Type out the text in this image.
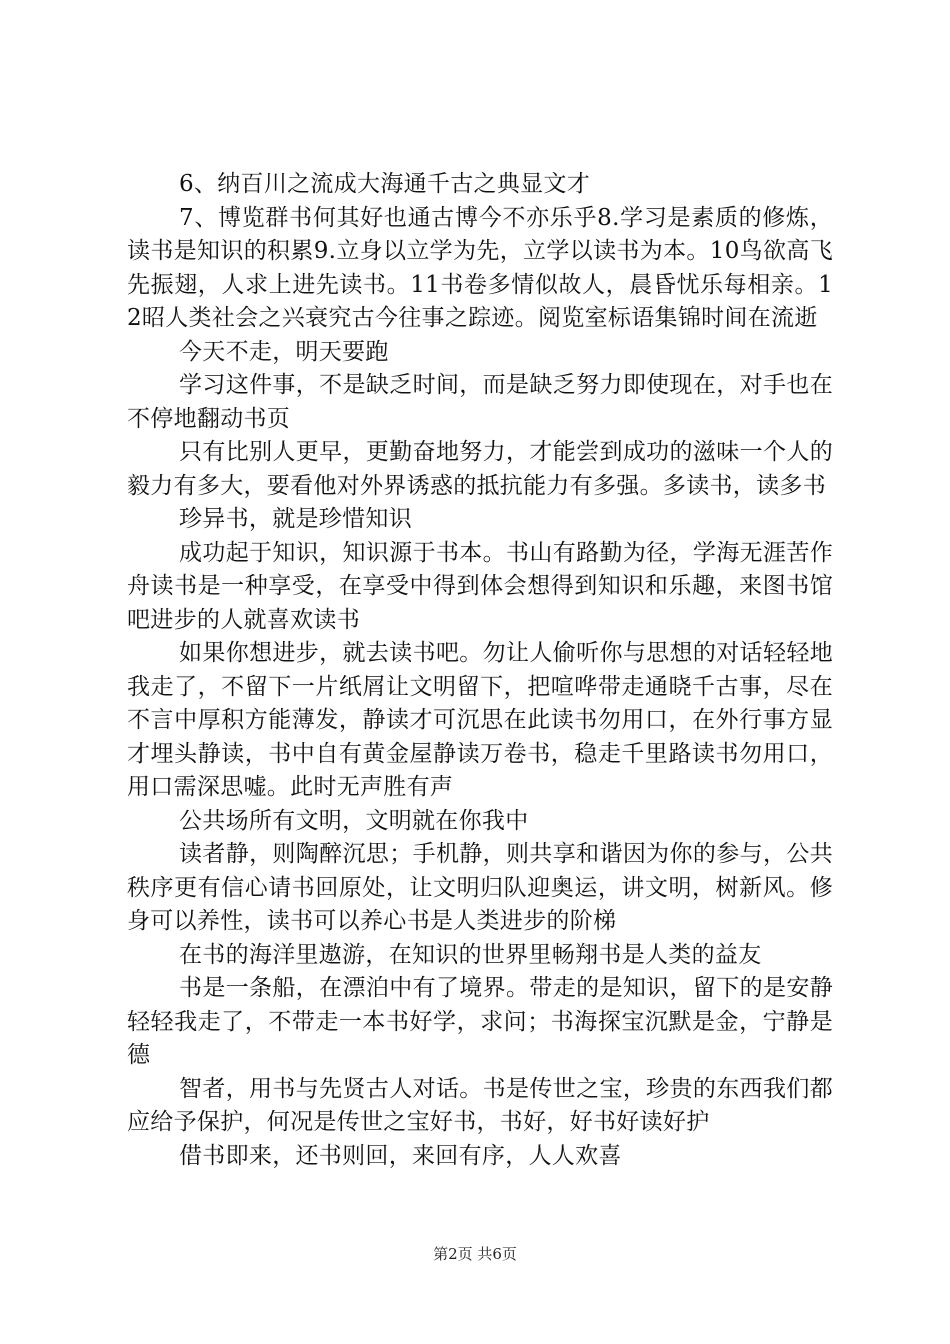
6、纳百川之流成大海通千古之典显文才

7、博览群书何其好也通古博今不亦乐乎8.学习是素质的修炼，读书是知识的积累9.立身以立学为先，立学以读书为本。10鸟欲高飞先振翅，人求上进先读书。11书卷多情似故人，晨昏忧乐每相亲。12昭人类社会之兴衰究古今往事之踪迹。阅览室标语集锦时间在流逝

今天不走，明天要跑

学习这件事，不是缺乏时间，而是缺乏努力即使现在，对手也在不停地翻动书页

只有比别人更早，更勤奋地努力，才能尝到成功的滋味一个人的毅力有多大，要看他对外界诱惑的抵抗能力有多强。多读书，读多书

珍异书，就是珍惜知识

成功起于知识，知识源于书本。书山有路勤为径，学海无涯苦作舟读书是一种享受，在享受中得到体会想得到知识和乐趣，来图书馆吧进步的人就喜欢读书

如果你想进步，就去读书吧。勿让人偷听你与思想的对话轻轻地我走了，不留下一片纸屑让文明留下，把喧哗带走通晓千古事，尽在不言中厚积方能薄发，静读才可沉思在此读书勿用口，在外行事方显才埋头静读，书中自有黄金屋静读万卷书，稳走千里路读书勿用口，用口需深思嘘。此时无声胜有声

公共场所有文明，文明就在你我中

读者静，则陶醉沉思；手机静，则共享和谐因为你的参与，公共秩序更有信心请书回原处，让文明归队迎奥运，讲文明，树新风。修身可以养性，读书可以养心书是人类进步的阶梯

在书的海洋里遨游，在知识的世界里畅翔书是人类的益友

书是一条船，在漂泊中有了境界。带走的是知识，留下的是安静轻轻我走了，不带走一本书好学，求问；书海探宝沉默是金，宁静是德

智者，用书与先贤古人对话。书是传世之宝，珍贵的东西我们都应给予保护，何况是传世之宝好书，书好，好书好读好护

借书即来，还书则回，来回有序，人人欢喜

第2页 共6页
